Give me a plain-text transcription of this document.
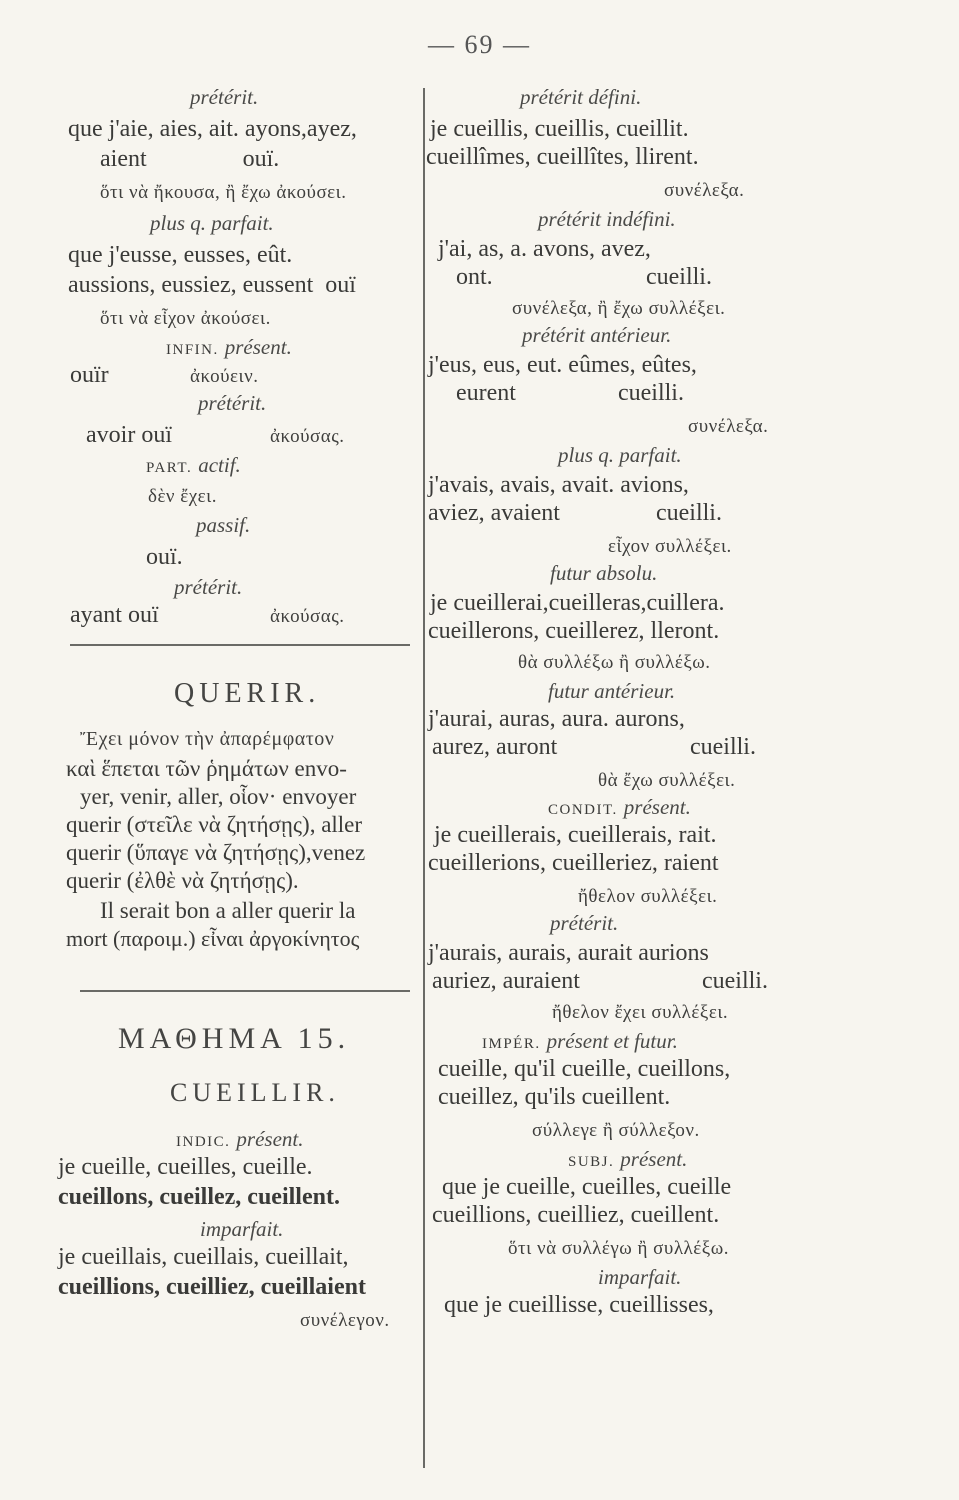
— 69 —
prétérit.
que j'aie, aies, ait. ayons,ayez,
aient                ouï.
ὅτι νὰ ἤκουσα, ἢ ἔχω ἀκούσει.
plus q. parfait.
que j'eusse, eusses, eût.
aussions, eussiez, eussent  ouï
ὅτι νὰ εἶχον ἀκούσει.
INFIN. présent.
ouïr	ἀκούειν.
prétérit.
avoir ouï	ἀκούσας.
PART. actif.
δὲν ἔχει.
passif.
ouï.
prétérit.
ayant ouï	ἀκούσας.
QUERIR.
Ἔχει μόνον τὴν ἀπαρέμφατον
καὶ ἕπεται τῶν ῥημάτων envo-
yer, venir, aller, οἷον· envoyer
querir (στεῖλε νὰ ζητήσῃς), aller
querir (ὕπαγε νὰ ζητήσῃς),venez
querir (ἐλθὲ νὰ ζητήσῃς).
Il serait bon a aller querir la
mort (παροιμ.) εἶναι ἀργοκίνητος
ΜΑΘΗΜΑ 15.
CUEILLIR.
INDIC. présent.
je cueille, cueilles, cueille.
cueillons, cueillez, cueillent.
imparfait.
je cueillais, cueillais, cueillait,
cueillions, cueilliez, cueillaient
συνέλεγον.
prétérit défini.
je cueillis, cueillis, cueillit.
cueillîmes, cueillîtes, llirent.
συνέλεξα.
prétérit indéfini.
j'ai, as, a. avons, avez,
ont.	cueilli.
συνέλεξα, ἢ ἔχω συλλέξει.
prétérit antérieur.
j'eus, eus, eut. eûmes, eûtes,
eurent	cueilli.
συνέλεξα.
plus q. parfait.
j'avais, avais, avait. avions,
aviez, avaient	cueilli.
εἶχον συλλέξει.
futur absolu.
je cueillerai,cueilleras,cuillera.
cueillerons, cueillerez, lleront.
θὰ συλλέξω ἢ συλλέξω.
futur antérieur.
j'aurai, auras, aura. aurons,
aurez, auront	cueilli.
θὰ ἔχω συλλέξει.
CONDIT. présent.
je cueillerais, cueillerais, rait.
cueillerions, cueilleriez, raient
ἤθελον συλλέξει.
prétérit.
j'aurais, aurais, aurait aurions
auriez, auraient	cueilli.
ἤθελον ἔχει συλλέξει.
IMPÉR. présent et futur.
cueille, qu'il cueille, cueillons,
cueillez, qu'ils cueillent.
σύλλεγε ἢ σύλλεξον.
SUBJ. présent.
que je cueille, cueilles, cueille
cueillions, cueilliez, cueillent.
ὅτι νὰ συλλέγω ἢ συλλέξω.
imparfait.
que je cueillisse, cueillisses,
